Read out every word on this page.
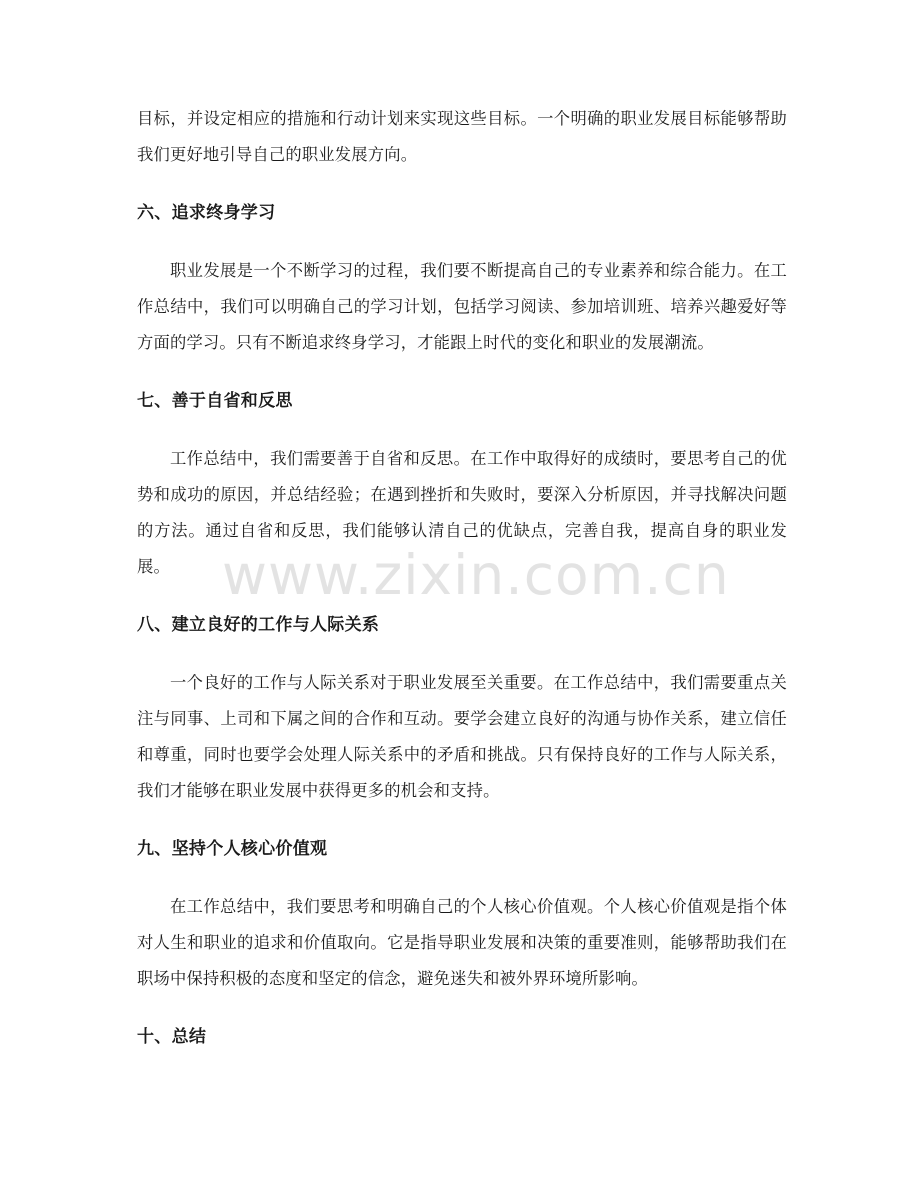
目标，并设定相应的措施和行动计划来实现这些目标。一个明确的职业发展目标能够帮助我们更好地引导自己的职业发展方向。

六、追求终身学习

职业发展是一个不断学习的过程，我们要不断提高自己的专业素养和综合能力。在工作总结中，我们可以明确自己的学习计划，包括学习阅读、参加培训班、培养兴趣爱好等方面的学习。只有不断追求终身学习，才能跟上时代的变化和职业的发展潮流。

七、善于自省和反思

工作总结中，我们需要善于自省和反思。在工作中取得好的成绩时，要思考自己的优势和成功的原因，并总结经验；在遇到挫折和失败时，要深入分析原因，并寻找解决问题的方法。通过自省和反思，我们能够认清自己的优缺点，完善自我，提高自身的职业发展。

八、建立良好的工作与人际关系

一个良好的工作与人际关系对于职业发展至关重要。在工作总结中，我们需要重点关注与同事、上司和下属之间的合作和互动。要学会建立良好的沟通与协作关系，建立信任和尊重，同时也要学会处理人际关系中的矛盾和挑战。只有保持良好的工作与人际关系，我们才能够在职业发展中获得更多的机会和支持。

九、坚持个人核心价值观

在工作总结中，我们要思考和明确自己的个人核心价值观。个人核心价值观是指个体对人生和职业的追求和价值取向。它是指导职业发展和决策的重要准则，能够帮助我们在职场中保持积极的态度和坚定的信念，避免迷失和被外界环境所影响。

十、总结
www.zixin.com.cn
